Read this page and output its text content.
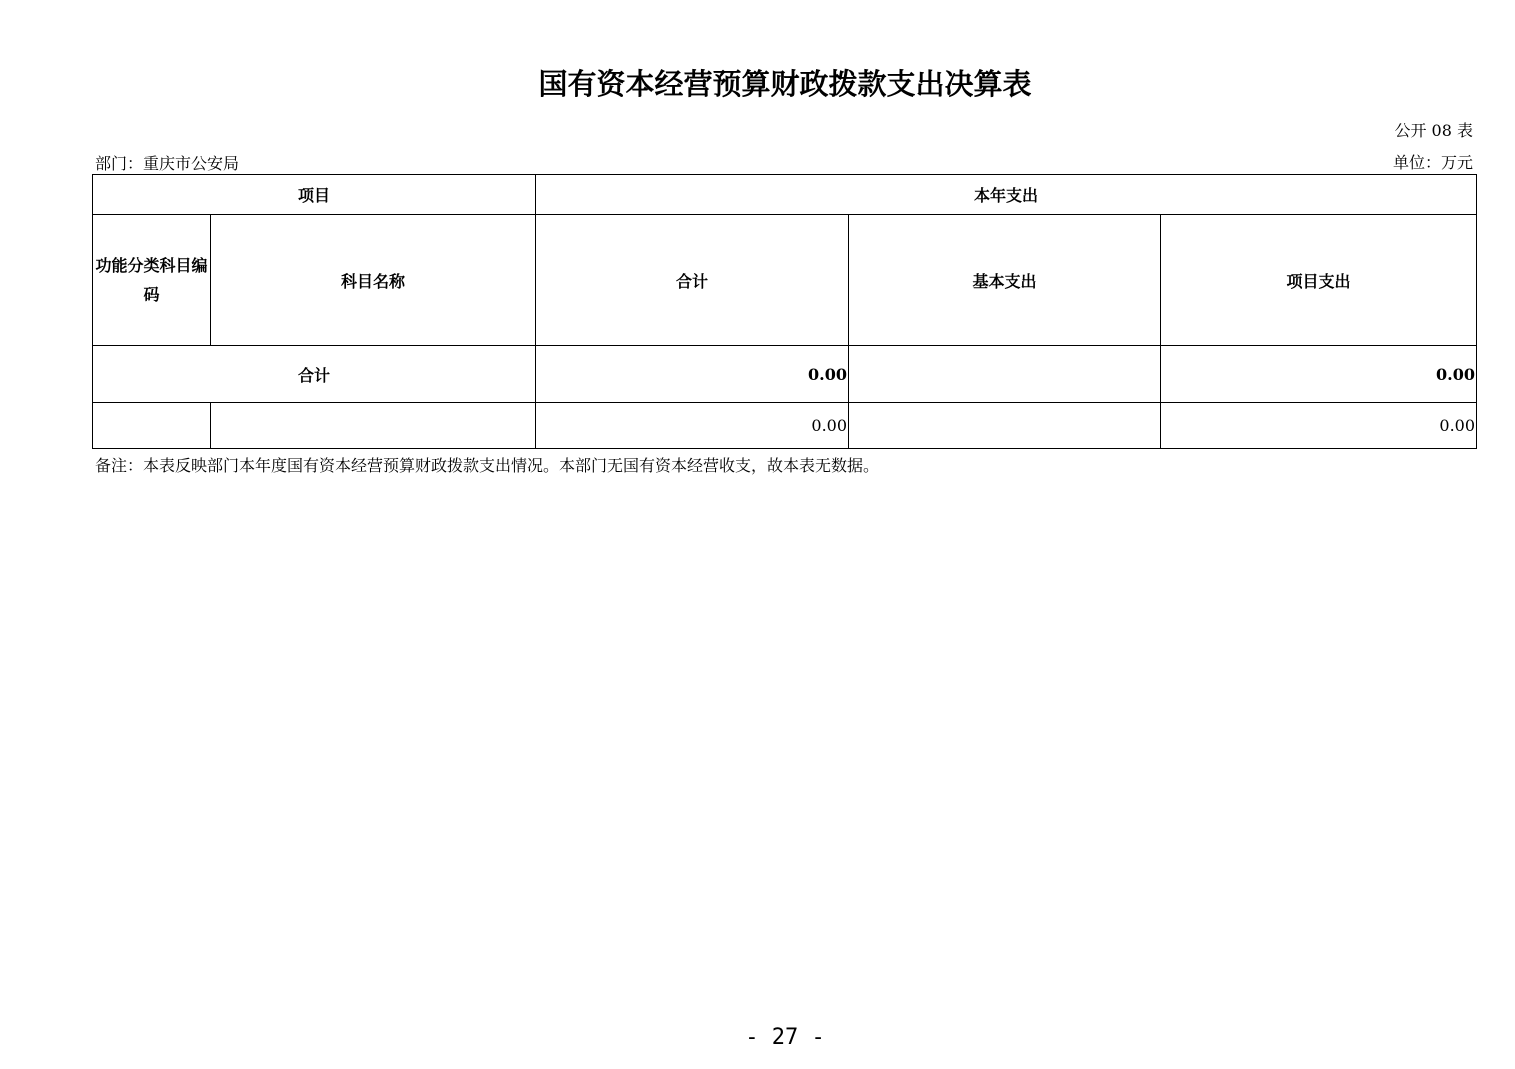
国有资本经营预算财政拨款支出决算表
公开 08 表
部门：重庆市公安局	单位：万元
项目		本年支出		
功能分类科目编码	科目名称	合计	基本支出	项目支出
合计		0.00		0.00
		0.00		0.00
备注：本表反映部门本年度国有资本经营预算财政拨款支出情况。本部门无国有资本经营收支，故本表无数据。
- 27 -
